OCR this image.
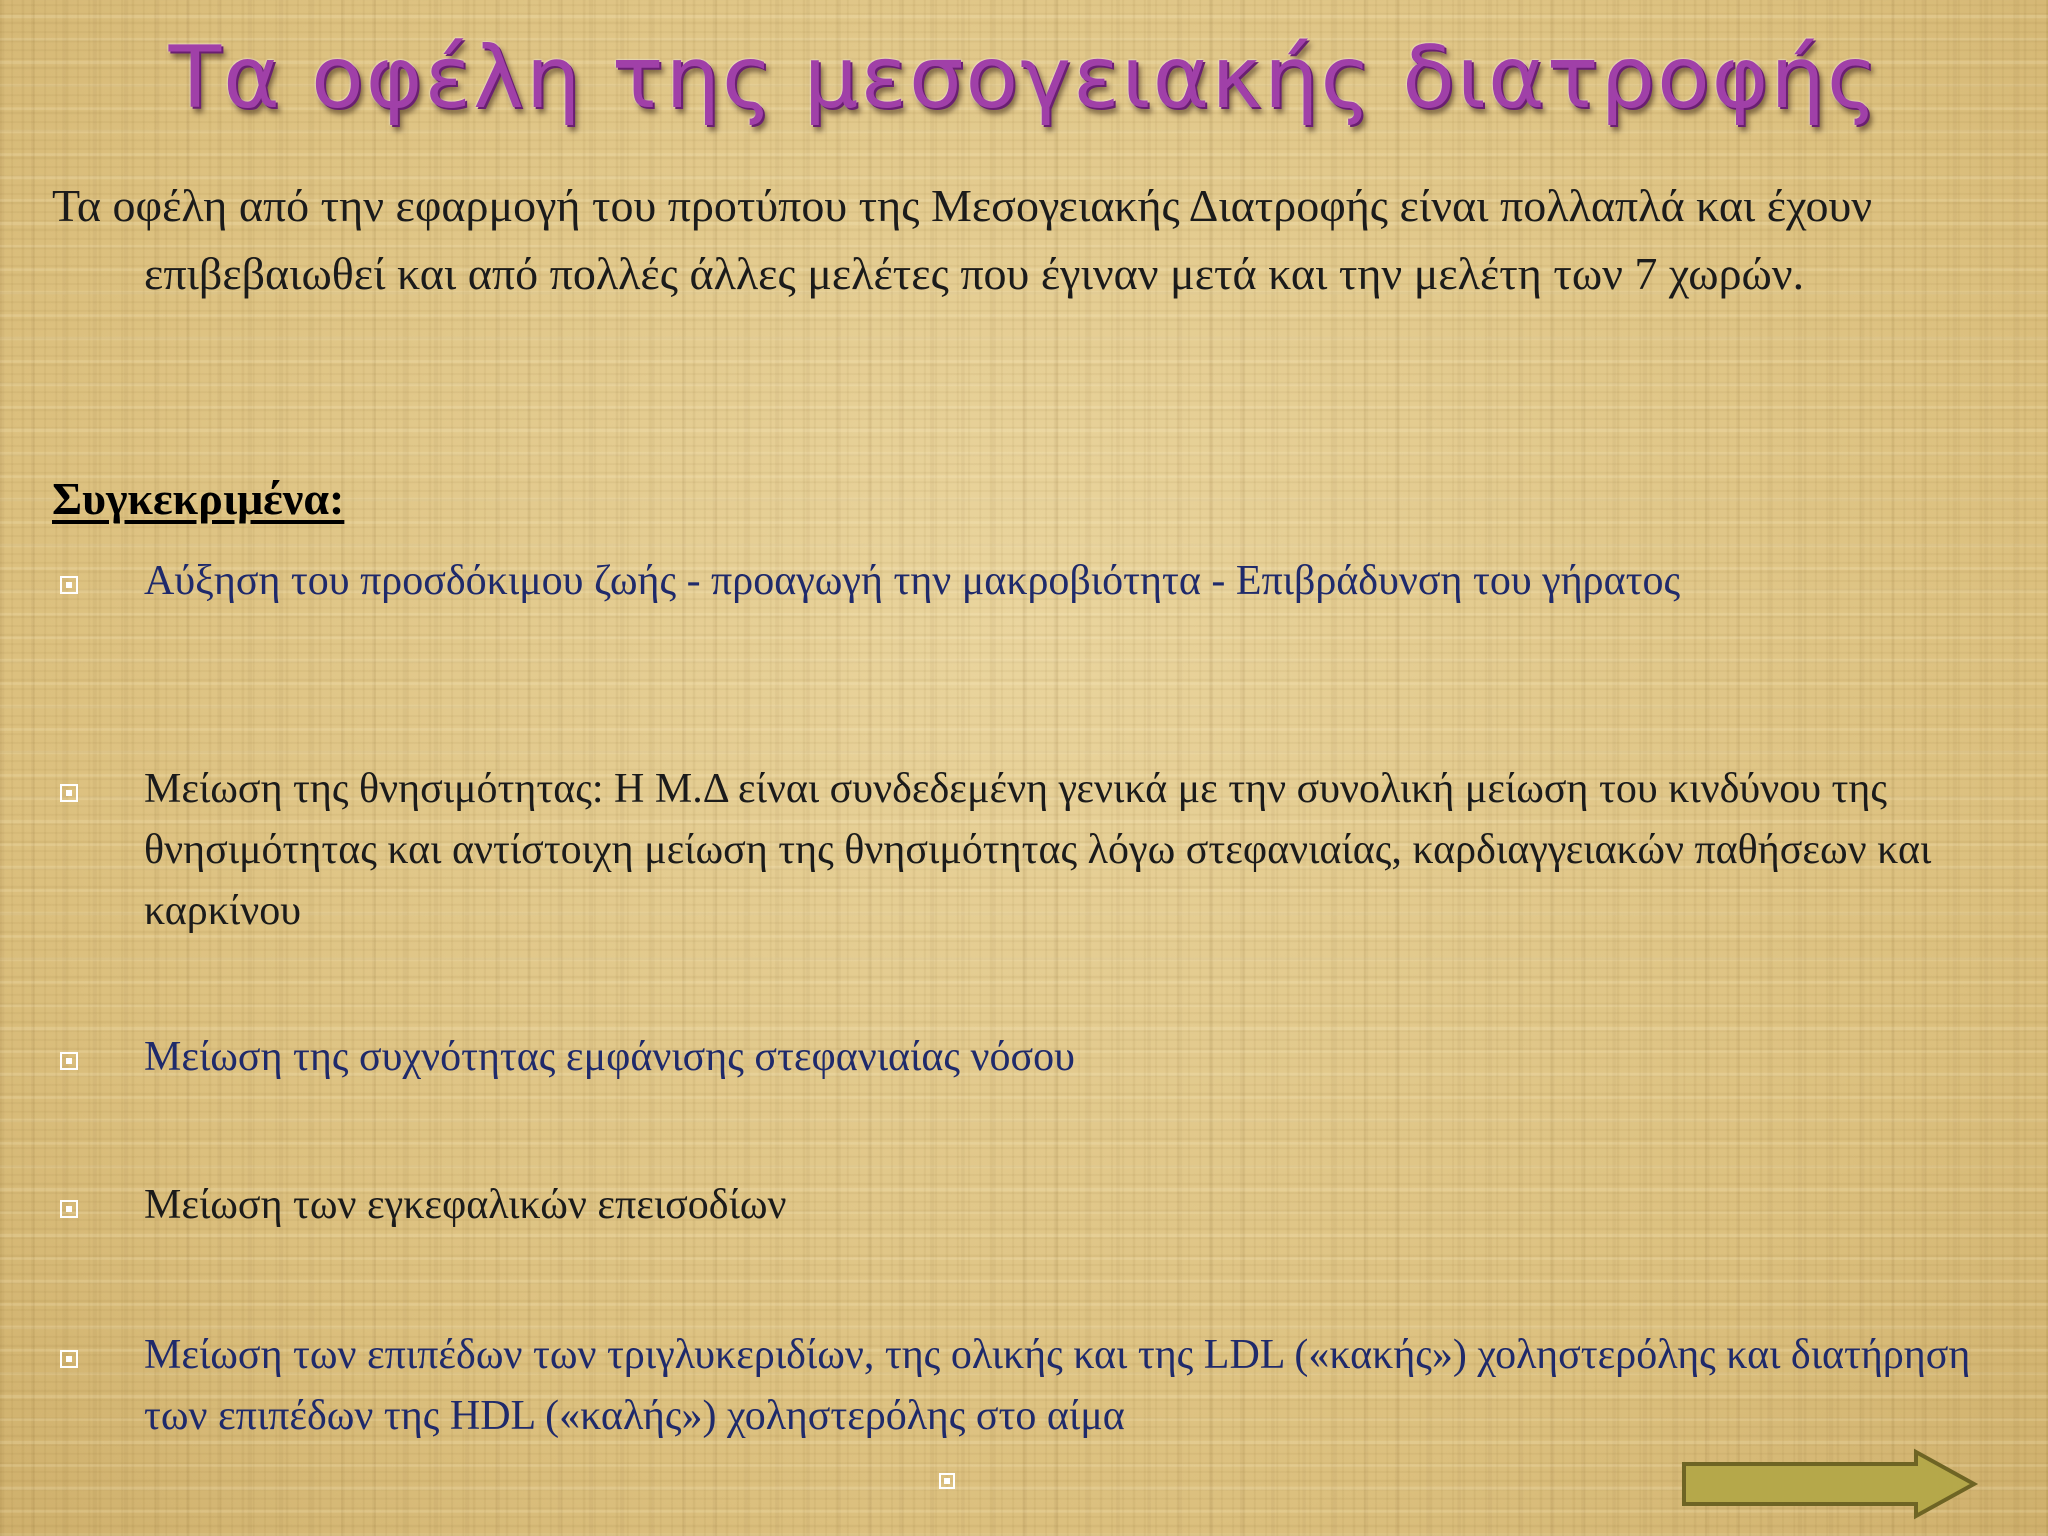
Τα οφέλη της μεσογειακής διατροφής

Τα οφέλη από την εφαρμογή του προτύπου της Μεσογειακής Διατροφής είναι πολλαπλά και έχουν επιβεβαιωθεί και από πολλές άλλες μελέτες που έγιναν μετά και την μελέτη των 7 χωρών.

Συγκεκριμένα:

Αύξηση του προσδόκιμου ζωής - προαγωγή την μακροβιότητα - Επιβράδυνση του γήρατος
Μείωση της θνησιμότητας: Η Μ.Δ είναι συνδεδεμένη γενικά με την συνολική μείωση του κινδύνου της θνησιμότητας και αντίστοιχη μείωση της θνησιμότητας λόγω στεφανιαίας, καρδιαγγειακών παθήσεων και καρκίνου
Μείωση της συχνότητας εμφάνισης στεφανιαίας νόσου
Μείωση των εγκεφαλικών επεισοδίων
Μείωση των επιπέδων των τριγλυκεριδίων, της ολικής και της LDL («κακής») χοληστερόλης και διατήρηση των επιπέδων της HDL («καλής») χοληστερόλης στο αίμα
